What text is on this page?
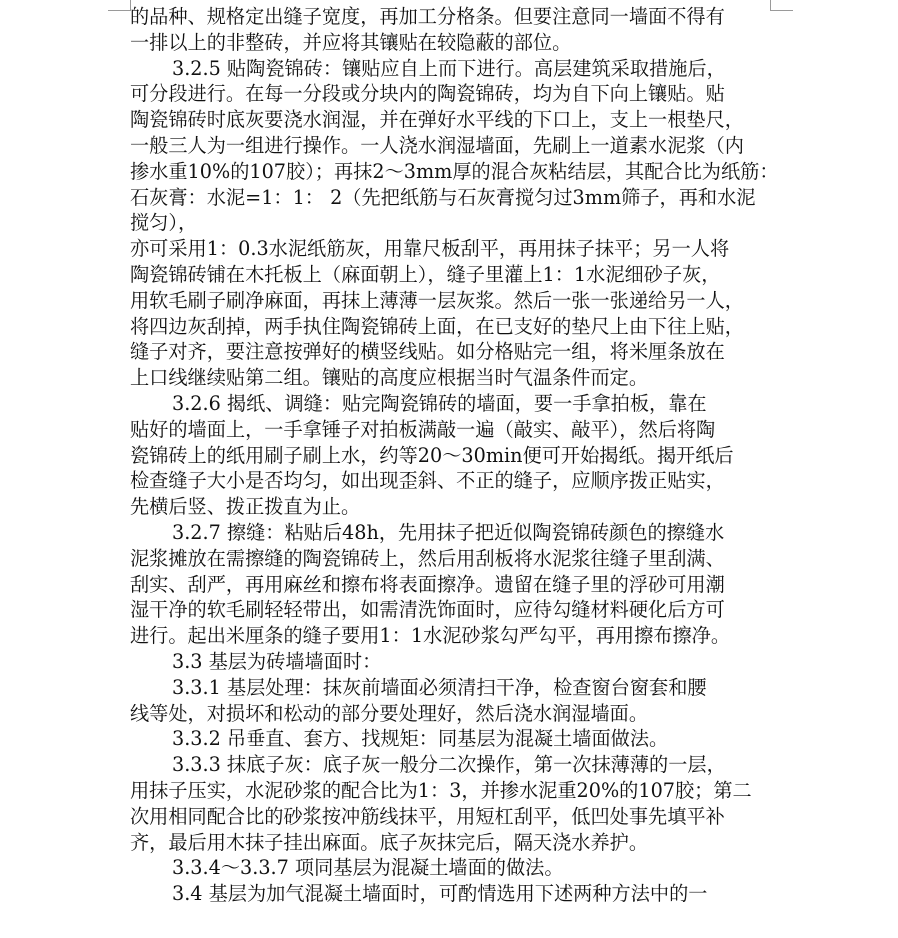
的品种、规格定出缝子宽度，再加工分格条。但要注意同一墙面不得有
一排以上的非整砖，并应将其镶贴在较隐蔽的部位。
3.2.5 贴陶瓷锦砖：镶贴应自上而下进行。高层建筑采取措施后，
可分段进行。在每一分段或分块内的陶瓷锦砖，均为自下向上镶贴。贴
陶瓷锦砖时底灰要浇水润湿，并在弹好水平线的下口上，支上一根垫尺，
一般三人为一组进行操作。一人浇水润湿墙面，先刷上一道素水泥浆（内
掺水重10%的107胶）；再抹2～3mm厚的混合灰粘结层，其配合比为纸筋：
石灰膏：水泥=1：1： 2（先把纸筋与石灰膏搅匀过3mm筛子，再和水泥
搅匀），
亦可采用1：0.3水泥纸筋灰，用靠尺板刮平，再用抹子抹平；另一人将
陶瓷锦砖铺在木托板上（麻面朝上），缝子里灌上1：1水泥细砂子灰，
用软毛刷子刷净麻面，再抹上薄薄一层灰浆。然后一张一张递给另一人，
将四边灰刮掉，两手执住陶瓷锦砖上面，在已支好的垫尺上由下往上贴，
缝子对齐，要注意按弹好的横竖线贴。如分格贴完一组，将米厘条放在
上口线继续贴第二组。镶贴的高度应根据当时气温条件而定。
3.2.6 揭纸、调缝：贴完陶瓷锦砖的墙面，要一手拿拍板，靠在
贴好的墙面上，一手拿锤子对拍板满敲一遍（敲实、敲平），然后将陶
瓷锦砖上的纸用刷子刷上水，约等20～30min便可开始揭纸。揭开纸后
检查缝子大小是否均匀，如出现歪斜、不正的缝子，应顺序拨正贴实，
先横后竖、拨正拨直为止。
3.2.7 擦缝：粘贴后48h，先用抹子把近似陶瓷锦砖颜色的擦缝水
泥浆摊放在需擦缝的陶瓷锦砖上，然后用刮板将水泥浆往缝子里刮满、
刮实、刮严，再用麻丝和擦布将表面擦净。遗留在缝子里的浮砂可用潮
湿干净的软毛刷轻轻带出，如需清洗饰面时，应待勾缝材料硬化后方可
进行。起出米厘条的缝子要用1：1水泥砂浆勾严勾平，再用擦布擦净。
3.3 基层为砖墙墙面时：
3.3.1 基层处理：抹灰前墙面必须清扫干净，检查窗台窗套和腰
线等处，对损坏和松动的部分要处理好，然后浇水润湿墙面。
3.3.2 吊垂直、套方、找规矩：同基层为混凝土墙面做法。
3.3.3 抹底子灰：底子灰一般分二次操作，第一次抹薄薄的一层，
用抹子压实，水泥砂浆的配合比为1：3，并掺水泥重20%的107胶；第二
次用相同配合比的砂浆按冲筋线抹平，用短杠刮平，低凹处事先填平补
齐，最后用木抹子挂出麻面。底子灰抹完后，隔天浇水养护。
3.3.4～3.3.7 项同基层为混凝土墙面的做法。
3.4 基层为加气混凝土墙面时，可酌情选用下述两种方法中的一
